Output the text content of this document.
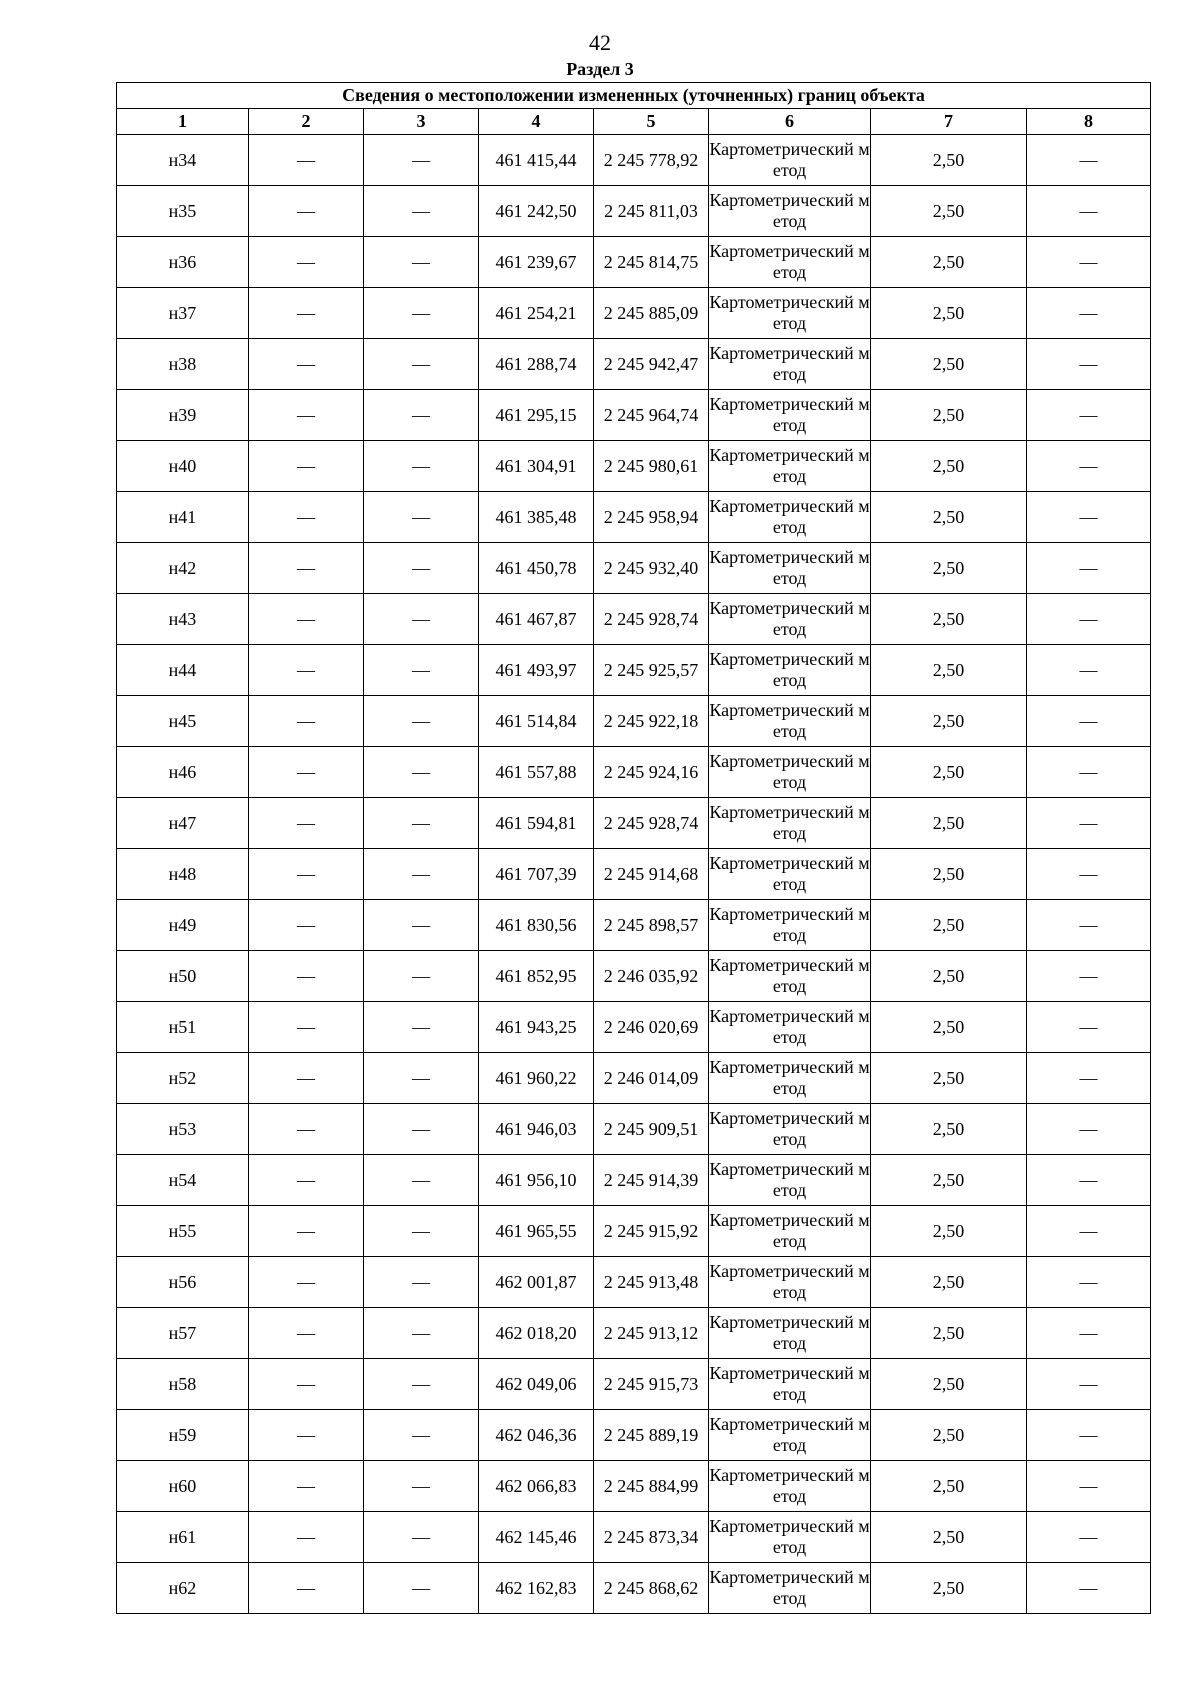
42
Раздел 3
Сведения о местоположении измененных (уточненных) границ объекта							
1	2	3	4	5	6	7	8
н34	—	—	461 415,44	2 245 778,92	Картометрический метод	2,50	—
н35	—	—	461 242,50	2 245 811,03	Картометрический метод	2,50	—
н36	—	—	461 239,67	2 245 814,75	Картометрический метод	2,50	—
н37	—	—	461 254,21	2 245 885,09	Картометрический метод	2,50	—
н38	—	—	461 288,74	2 245 942,47	Картометрический метод	2,50	—
н39	—	—	461 295,15	2 245 964,74	Картометрический метод	2,50	—
н40	—	—	461 304,91	2 245 980,61	Картометрический метод	2,50	—
н41	—	—	461 385,48	2 245 958,94	Картометрический метод	2,50	—
н42	—	—	461 450,78	2 245 932,40	Картометрический метод	2,50	—
н43	—	—	461 467,87	2 245 928,74	Картометрический метод	2,50	—
н44	—	—	461 493,97	2 245 925,57	Картометрический метод	2,50	—
н45	—	—	461 514,84	2 245 922,18	Картометрический метод	2,50	—
н46	—	—	461 557,88	2 245 924,16	Картометрический метод	2,50	—
н47	—	—	461 594,81	2 245 928,74	Картометрический метод	2,50	—
н48	—	—	461 707,39	2 245 914,68	Картометрический метод	2,50	—
н49	—	—	461 830,56	2 245 898,57	Картометрический метод	2,50	—
н50	—	—	461 852,95	2 246 035,92	Картометрический метод	2,50	—
н51	—	—	461 943,25	2 246 020,69	Картометрический метод	2,50	—
н52	—	—	461 960,22	2 246 014,09	Картометрический метод	2,50	—
н53	—	—	461 946,03	2 245 909,51	Картометрический метод	2,50	—
н54	—	—	461 956,10	2 245 914,39	Картометрический метод	2,50	—
н55	—	—	461 965,55	2 245 915,92	Картометрический метод	2,50	—
н56	—	—	462 001,87	2 245 913,48	Картометрический метод	2,50	—
н57	—	—	462 018,20	2 245 913,12	Картометрический метод	2,50	—
н58	—	—	462 049,06	2 245 915,73	Картометрический метод	2,50	—
н59	—	—	462 046,36	2 245 889,19	Картометрический метод	2,50	—
н60	—	—	462 066,83	2 245 884,99	Картометрический метод	2,50	—
н61	—	—	462 145,46	2 245 873,34	Картометрический метод	2,50	—
н62	—	—	462 162,83	2 245 868,62	Картометрический метод	2,50	—
